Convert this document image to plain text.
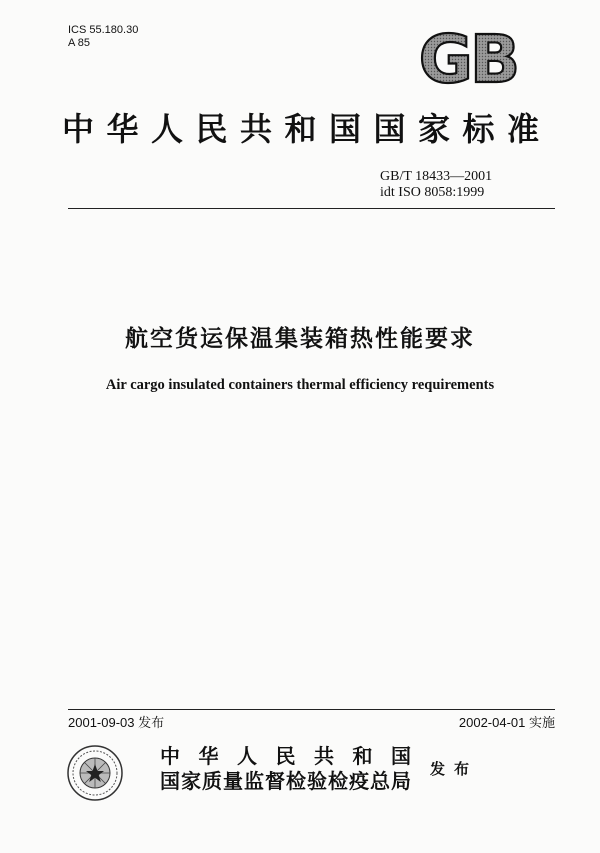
ICS 55.180.30
A 85	GB
中华人民共和国国家标准
GB/T 18433—2001
idt ISO 8058:1999
航空货运保温集装箱热性能要求
Air cargo insulated containers thermal efficiency requirements
2001-09-03 发布	2002-04-01 实施
中华人民共和国
国家质量监督检验检疫总局 发布
